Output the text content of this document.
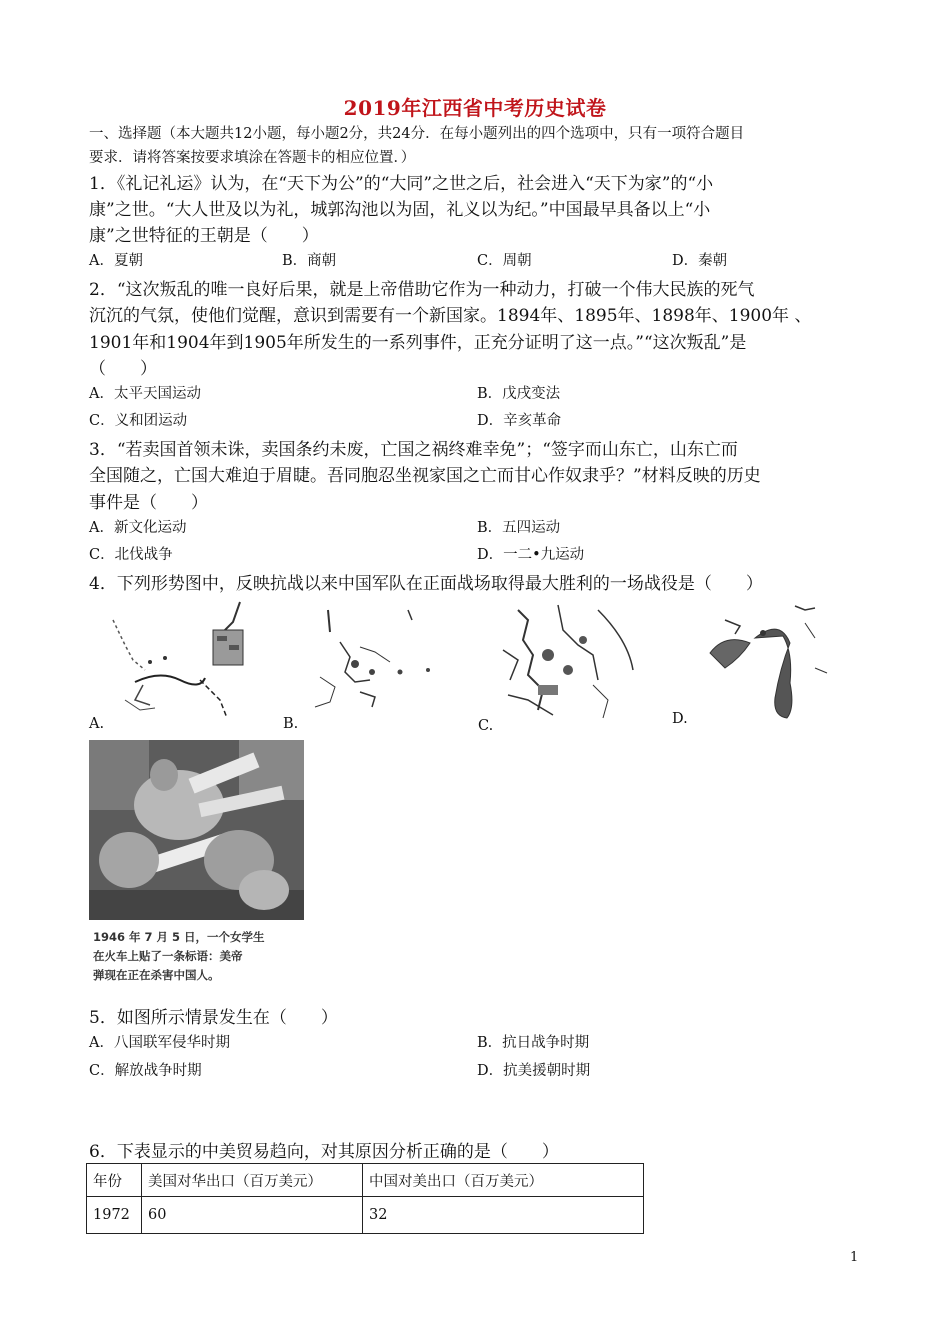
2019年江西省中考历史试卷
一、选择题（本大题共12小题，每小题2分，共24分．在每小题列出的四个选项中，只有一项符合题目
要求．请将答案按要求填涂在答题卡的相应位置．）
1．《礼记礼运》认为，在“天下为公”的“大同”之世之后，社会进入“天下为家”的“小
康”之世。“大人世及以为礼，城郭沟池以为固，礼义以为纪。”中国最早具备以上“小
康”之世特征的王朝是（　　）
A．夏朝	B．商朝	C．周朝	D．秦朝
2．“这次叛乱的唯一良好后果，就是上帝借助它作为一种动力，打破一个伟大民族的死气
沉沉的气氛，使他们觉醒，意识到需要有一个新国家。1894年、1895年、1898年、1900年 、
1901年和1904年到1905年所发生的一系列事件，正充分证明了这一点。”“这次叛乱”是
（　　）
A．太平天国运动	B．戊戌变法
C．义和团运动	D．辛亥革命
3．“若卖国首领未诛，卖国条约未废，亡国之祸终难幸免”；“签字而山东亡，山东亡而
全国随之，亡国大难迫于眉睫。吾同胞忍坐视家国之亡而甘心作奴隶乎？”材料反映的历史
事件是（　　）
A．新文化运动	B．五四运动
C．北伐战争	D．一二•九运动
4．下列形势图中，反映抗战以来中国军队在正面战场取得最大胜利的一场战役是（　　）
A.	B.	C.	D.
1946 年 7 月 5 日，一个女学生
在火车上贴了一条标语：美帝
弹现在正在杀害中国人。
5．如图所示情景发生在（　　）
A．八国联军侵华时期	B．抗日战争时期
C．解放战争时期	D．抗美援朝时期
6．下表显示的中美贸易趋向，对其原因分析正确的是（　　）
年份	美国对华出口（百万美元）	中国对美出口（百万美元）
1972	60	32
1
